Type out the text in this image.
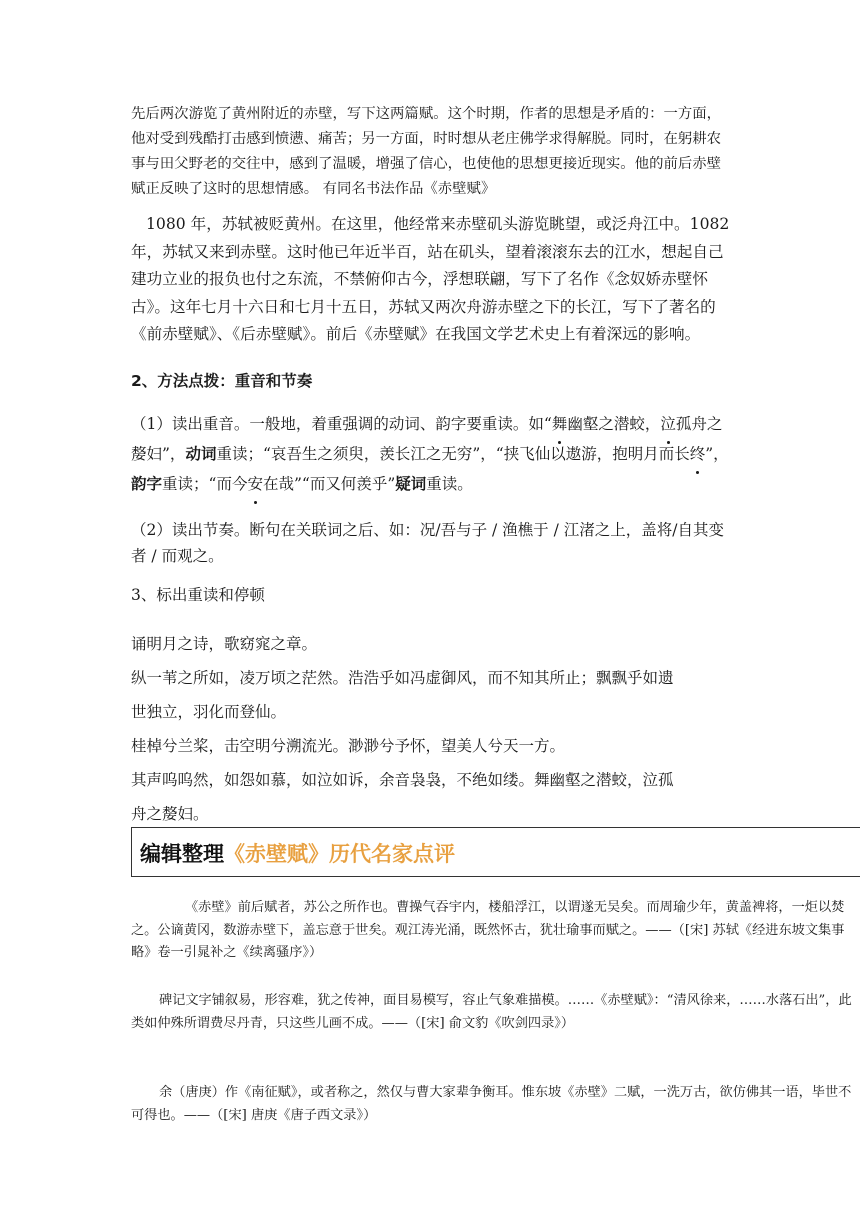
先后两次游览了黄州附近的赤壁，写下这两篇赋。这个时期，作者的思想是矛盾的：一方面，他对受到残酷打击感到愤懑、痛苦；另一方面，时时想从老庄佛学求得解脱。同时，在躬耕农事与田父野老的交往中，感到了温暖，增强了信心，也使他的思想更接近现实。他的前后赤壁赋正反映了这时的思想情感。 有同名书法作品《赤壁赋》

1080 年，苏轼被贬黄州。在这里，他经常来赤壁矶头游览眺望，或泛舟江中。1082 年，苏轼又来到赤壁。这时他已年近半百，站在矶头，望着滚滚东去的江水，想起自己建功立业的报负也付之东流，不禁俯仰古今，浮想联翩，写下了名作《念奴娇赤壁怀古》。这年七月十六日和七月十五日，苏轼又两次舟游赤壁之下的长江，写下了著名的《前赤壁赋》、《后赤壁赋》。前后《赤壁赋》在我国文学艺术史上有着深远的影响。

2、方法点拨：重音和节奏

（1）读出重音。一般地，着重强调的动词、韵字要重读。如“舞幽壑之潜蛟，泣孤舟之嫠妇”，动词重读；“哀吾生之须臾，羡长江之无穷”，“挟飞仙以遨游，抱明月而长终”，韵字重读；“而今安在哉”“而又何羡乎”疑词重读。

（2）读出节奏。断句在关联词之后、如：况/吾与子 / 渔樵于 / 江渚之上，盖将/自其变者 / 而观之。

3、标出重读和停顿

诵明月之诗，歌窈窕之章。
纵一苇之所如，凌万顷之茫然。浩浩乎如冯虚御风，而不知其所止；飘飘乎如遗
世独立，羽化而登仙。
桂棹兮兰桨，击空明兮溯流光。渺渺兮予怀，望美人兮天一方。
其声呜呜然，如怨如慕，如泣如诉，余音袅袅，不绝如缕。舞幽壑之潜蛟，泣孤
舟之嫠妇。
编辑整理《赤壁赋》历代名家点评

《赤壁》前后赋者，苏公之所作也。曹操气吞宇内，楼船浮江，以谓遂无吴矣。而周瑜少年，黄盖裨将，一炬以焚之。公谪黄冈，数游赤壁下，盖忘意于世矣。观江涛光涌，既然怀古，犹壮瑜事而赋之。——（[宋] 苏轼《经进东坡文集事略》卷一引晁补之《续离骚序》）

碑记文字铺叙易，形容难，犹之传神，面目易模写，容止气象难描模。……《赤壁赋》：“清风徐来，……水落石出”，此类如仲殊所谓费尽丹青，只这些儿画不成。——（[宋] 俞文豹《吹剑四录》）

余（唐庚）作《南征赋》，或者称之，然仅与曹大家辈争衡耳。惟东坡《赤壁》二赋，一洗万古，欲仿佛其一语，毕世不可得也。——（[宋] 唐庚《唐子西文录》）
